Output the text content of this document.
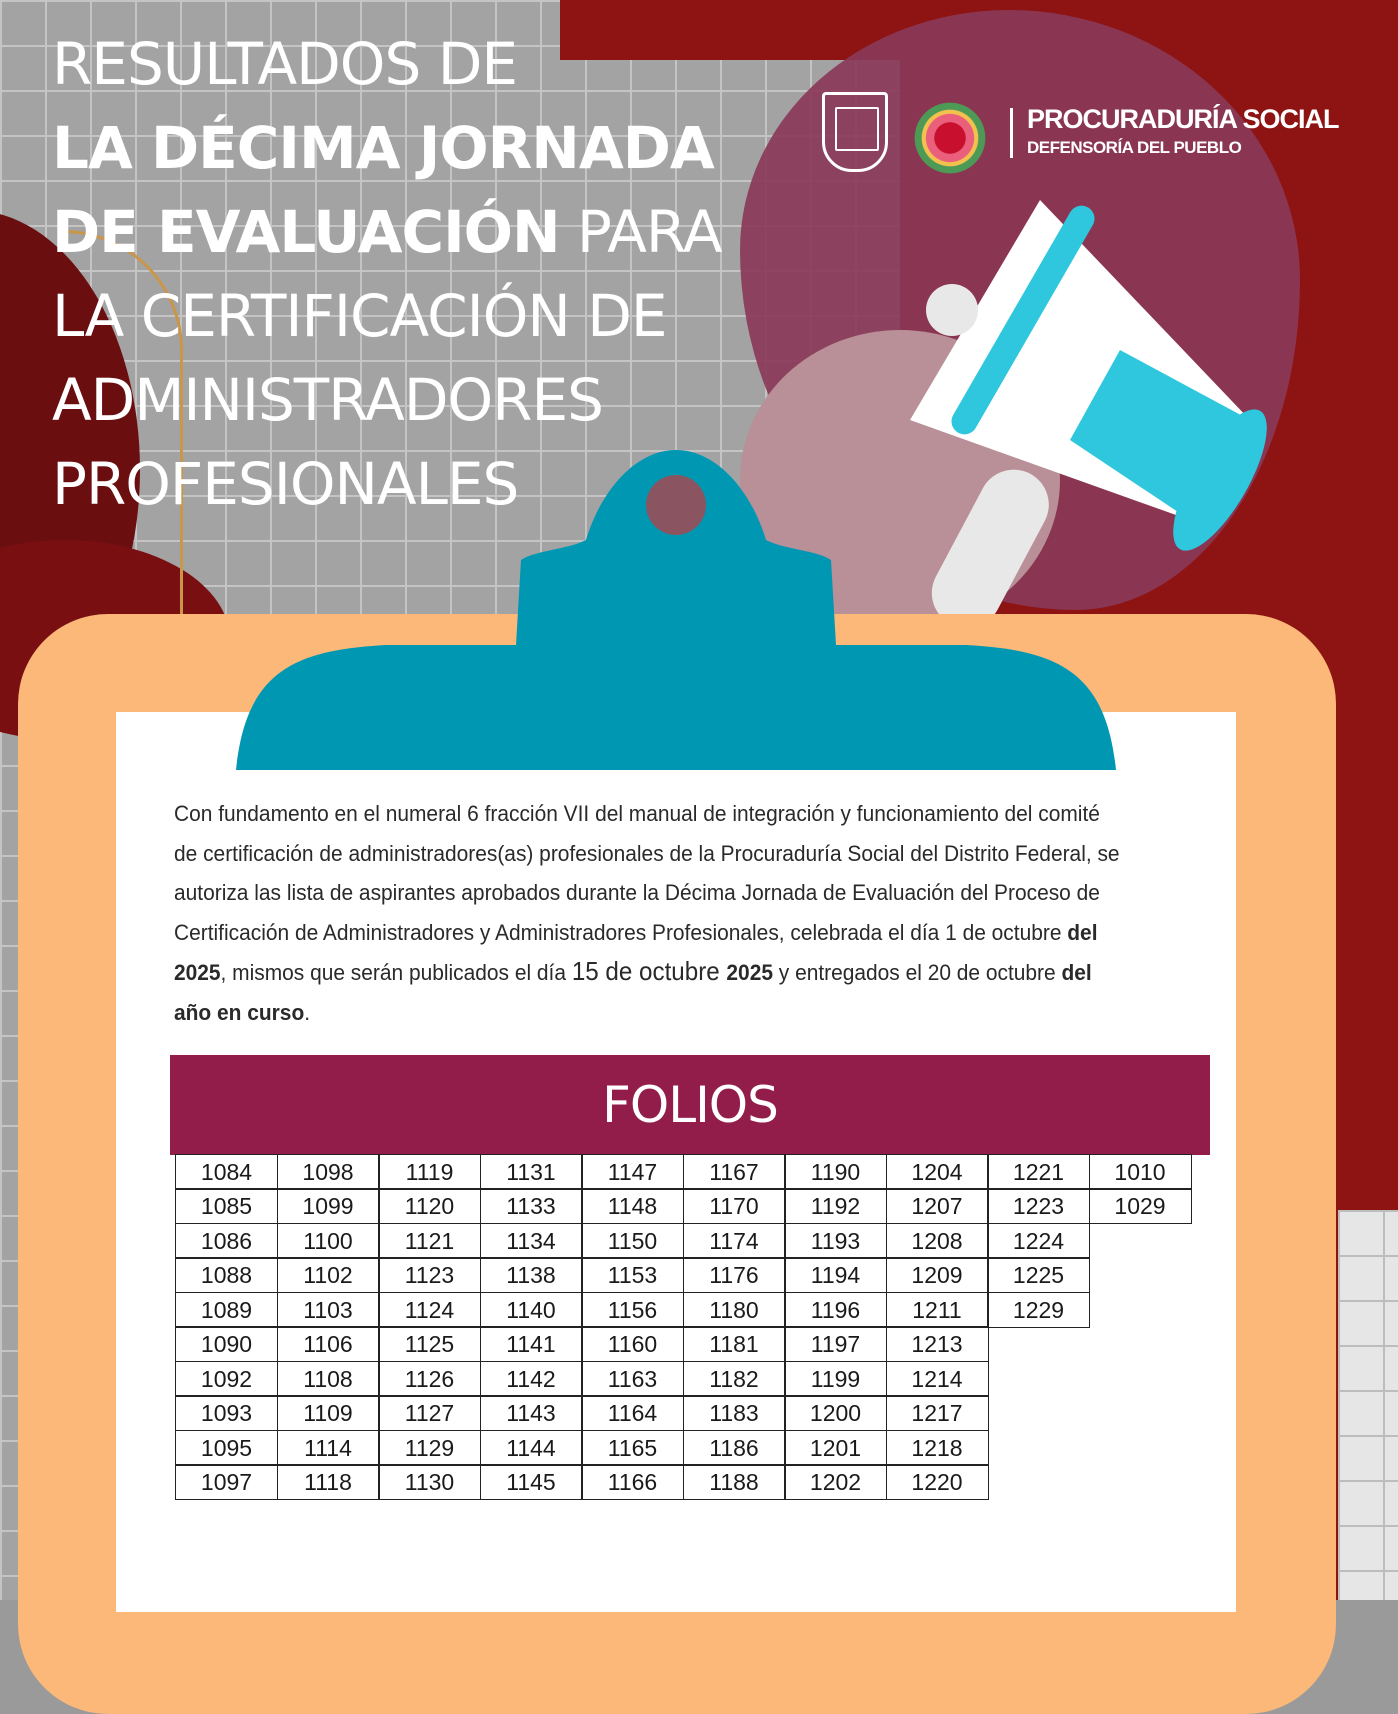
RESULTADOS DE
LA DÉCIMA JORNADA
DE EVALUACIÓN PARA
LA CERTIFICACIÓN DE
ADMINISTRADORES
PROFESIONALES
PROCURADURÍA SOCIAL
DEFENSORÍA DEL PUEBLO
Con fundamento en el numeral 6 fracción VII del manual de integración y funcionamiento del comité de certificación de administradores(as) profesionales de la Procuraduría Social del Distrito Federal, se autoriza las lista de aspirantes aprobados durante la Décima Jornada de Evaluación del Proceso de Certificación de Administradores y Administradores Profesionales, celebrada el día 1 de octubre del 2025, mismos que serán publicados el día 15 de octubre 2025 y entregados el 20 de octubre del año en curso.
FOLIOS
1084
1085
1086
1088
1089
1090
1092
1093
1095
1097
1098
1099
1100
1102
1103
1106
1108
1109
1114
1118
1119
1120
1121
1123
1124
1125
1126
1127
1129
1130
1131
1133
1134
1138
1140
1141
1142
1143
1144
1145
1147
1148
1150
1153
1156
1160
1163
1164
1165
1166
1167
1170
1174
1176
1180
1181
1182
1183
1186
1188
1190
1192
1193
1194
1196
1197
1199
1200
1201
1202
1204
1207
1208
1209
1211
1213
1214
1217
1218
1220
1221
1223
1224
1225
1229
1010
1029
